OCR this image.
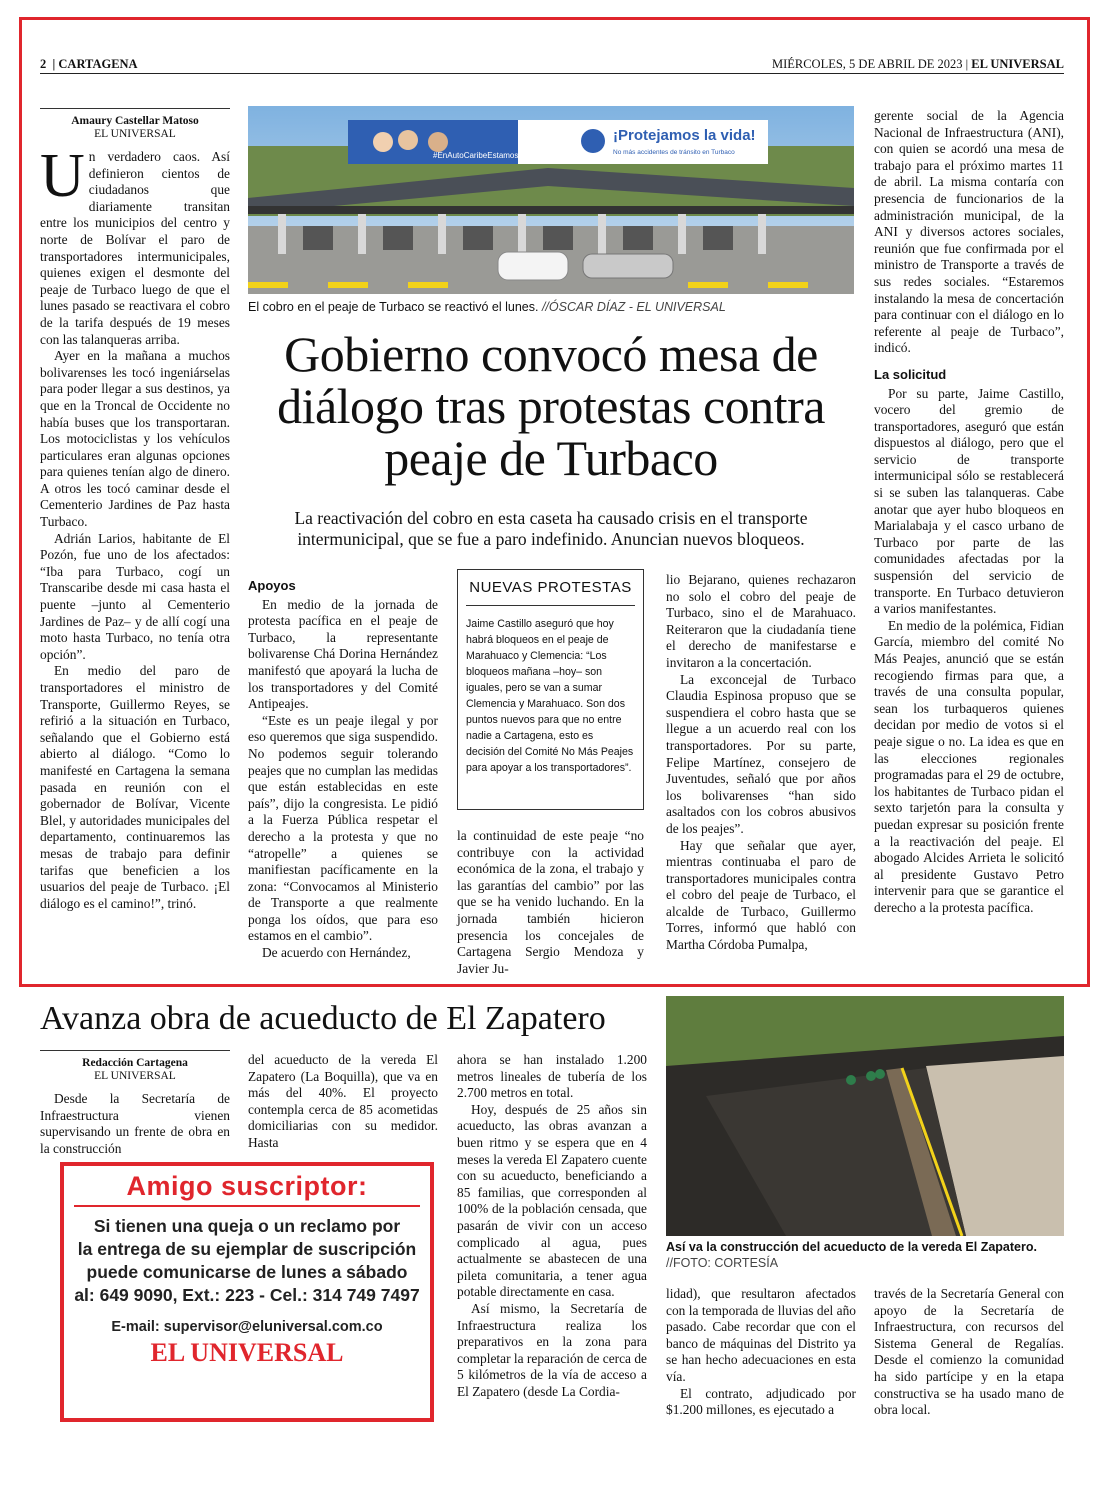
2  | CARTAGENA	MIÉRCOLES, 5 DE ABRIL DE 2023 | EL UNIVERSAL
Amaury Castellar Matoso
EL UNIVERSAL

Un verdadero caos. Así definieron cientos de ciudadanos que diariamente transitan entre los municipios del centro y norte de Bolívar el paro de transportadores intermunicipales, quienes exigen el desmonte del peaje de Turbaco luego de que el lunes pasado se reactivara el cobro de la tarifa después de 19 meses con las talanqueras arriba.

Ayer en la mañana a muchos bolivarenses les tocó ingeniárselas para poder llegar a sus destinos, ya que en la Troncal de Occidente no había buses que los transportaran. Los motociclistas y los vehículos particulares eran algunas opciones para quienes tenían algo de dinero. A otros les tocó caminar desde el Cementerio Jardines de Paz hasta Turbaco.

Adrián Larios, habitante de El Pozón, fue uno de los afectados: “Iba para Turbaco, cogí un Transcaribe desde mi casa hasta el puente –junto al Cementerio Jardines de Paz– y de allí cogí una moto hasta Turbaco, no tenía otra opción”.

En medio del paro de transportadores el ministro de Transporte, Guillermo Reyes, se refirió a la situación en Turbaco, señalando que el Gobierno está abierto al diálogo. “Como lo manifesté en Cartagena la semana pasada en reunión con el gobernador de Bolívar, Vicente Blel, y autoridades municipales del departamento, continuaremos las mesas de trabajo para definir tarifas que beneficien a los usuarios del peaje de Turbaco. ¡El diálogo es el camino!”, trinó.

#EnAutoCaribeEstamosParaTi
¡Protejamos la vida!
No más accidentes de tránsito en Turbaco
El cobro en el peaje de Turbaco se reactivó el lunes. //ÓSCAR DÍAZ - EL UNIVERSAL
Gobierno convocó mesa de diálogo tras protestas contra peaje de Turbaco
La reactivación del cobro en esta caseta ha causado crisis en el transporte intermunicipal, que se fue a paro indefinido. Anuncian nuevos bloqueos.
Apoyos

En medio de la jornada de protesta pacífica en el peaje de Turbaco, la representante bolivarense Chá Dorina Hernández manifestó que apoyará la lucha de los transportadores y del Comité Antipeajes.

“Este es un peaje ilegal y por eso queremos que siga suspendido. No podemos seguir tolerando peajes que no cumplan las medidas que están establecidas en este país”, dijo la congresista. Le pidió a la Fuerza Pública respetar el derecho a la protesta y que no “atropelle” a quienes se manifiestan pacíficamente en la zona: “Convocamos al Ministerio de Transporte a que realmente ponga los oídos, que para eso estamos en el cambio”.

De acuerdo con Hernández,

NUEVAS PROTESTAS
Jaime Castillo aseguró que hoy habrá bloqueos en el peaje de Marahuaco y Clemencia: “Los bloqueos mañana –hoy– son iguales, pero se van a sumar Clemencia y Marahuaco. Son dos puntos nuevos para que no entre nadie a Cartagena, esto es decisión del Comité No Más Peajes para apoyar a los transportadores”.

la continuidad de este peaje “no contribuye con la actividad económica de la zona, el trabajo y las garantías del cambio” por las que se ha venido luchando. En la jornada también hicieron presencia los concejales de Cartagena Sergio Mendoza y Javier Ju-

lio Bejarano, quienes rechazaron no solo el cobro del peaje de Turbaco, sino el de Marahuaco. Reiteraron que la ciudadanía tiene el derecho de manifestarse e invitaron a la concertación.

La exconcejal de Turbaco Claudia Espinosa propuso que se suspendiera el cobro hasta que se llegue a un acuerdo real con los transportadores. Por su parte, Felipe Martínez, consejero de Juventudes, señaló que por años los bolivarenses “han sido asaltados con los cobros abusivos de los peajes”.

Hay que señalar que ayer, mientras continuaba el paro de transportadores municipales contra el cobro del peaje de Turbaco, el alcalde de Turbaco, Guillermo Torres, informó que habló con Martha Córdoba Pumalpa,

gerente social de la Agencia Nacional de Infraestructura (ANI), con quien se acordó una mesa de trabajo para el próximo martes 11 de abril. La misma contaría con presencia de funcionarios de la administración municipal, de la ANI y diversos actores sociales, reunión que fue confirmada por el ministro de Transporte a través de sus redes sociales. “Estaremos instalando la mesa de concertación para continuar con el diálogo en lo referente al peaje de Turbaco”, indicó.

La solicitud

Por su parte, Jaime Castillo, vocero del gremio de transportadores, aseguró que están dispuestos al diálogo, pero que el servicio de transporte intermunicipal sólo se restablecerá si se suben las talanqueras. Cabe anotar que ayer hubo bloqueos en Marialabaja y el casco urbano de Turbaco por parte de las comunidades afectadas por la suspensión del servicio de transporte. En Turbaco detuvieron a varios manifestantes.

En medio de la polémica, Fidian García, miembro del comité No Más Peajes, anunció que se están recogiendo firmas para que, a través de una consulta popular, sean los turbaqueros quienes decidan por medio de votos si el peaje sigue o no. La idea es que en las elecciones regionales programadas para el 29 de octubre, los habitantes de Turbaco pidan el sexto tarjetón para la consulta y puedan expresar su posición frente a la reactivación del peaje. El abogado Alcides Arrieta le solicitó al presidente Gustavo Petro intervenir para que se garantice el derecho a la protesta pacífica.

Avanza obra de acueducto de El Zapatero
Redacción Cartagena
EL UNIVERSAL

Desde la Secretaría de Infraestructura vienen supervisando un frente de obra en la construcción

del acueducto de la vereda El Zapatero (La Boquilla), que va en más del 40%. El proyecto contempla cerca de 85 acometidas domiciliarias con su medidor. Hasta

ahora se han instalado 1.200 metros lineales de tubería de los 2.700 metros en total.

Hoy, después de 25 años sin acueducto, las obras avanzan a buen ritmo y se espera que en 4 meses la vereda El Zapatero cuente con su acueducto, beneficiando a 85 familias, que corresponden al 100% de la población censada, que pasarán de vivir con un acceso complicado al agua, pues actualmente se abastecen de una pileta comunitaria, a tener agua potable directamente en casa.

Así mismo, la Secretaría de Infraestructura realiza los preparativos en la zona para completar la reparación de cerca de 5 kilómetros de la vía de acceso a El Zapatero (desde La Cordia-

Así va la construcción del acueducto de la vereda El Zapatero.
//FOTO: CORTESÍA

lidad), que resultaron afectados con la temporada de lluvias del año pasado. Cabe recordar que con el banco de máquinas del Distrito ya se han hecho adecuaciones en esta vía.

El contrato, adjudicado por $1.200 millones, es ejecutado a

través de la Secretaría General con apoyo de la Secretaría de Infraestructura, con recursos del Sistema General de Regalías. Desde el comienzo la comunidad ha sido partícipe y en la etapa constructiva se ha usado mano de obra local.

Amigo suscriptor:
Si tienen una queja o un reclamo por
la entrega de su ejemplar de suscripción
puede comunicarse de lunes a sábado
al: 649 9090, Ext.: 223 - Cel.: 314 749 7497
E-mail: supervisor@eluniversal.com.co
EL UNIVERSAL
